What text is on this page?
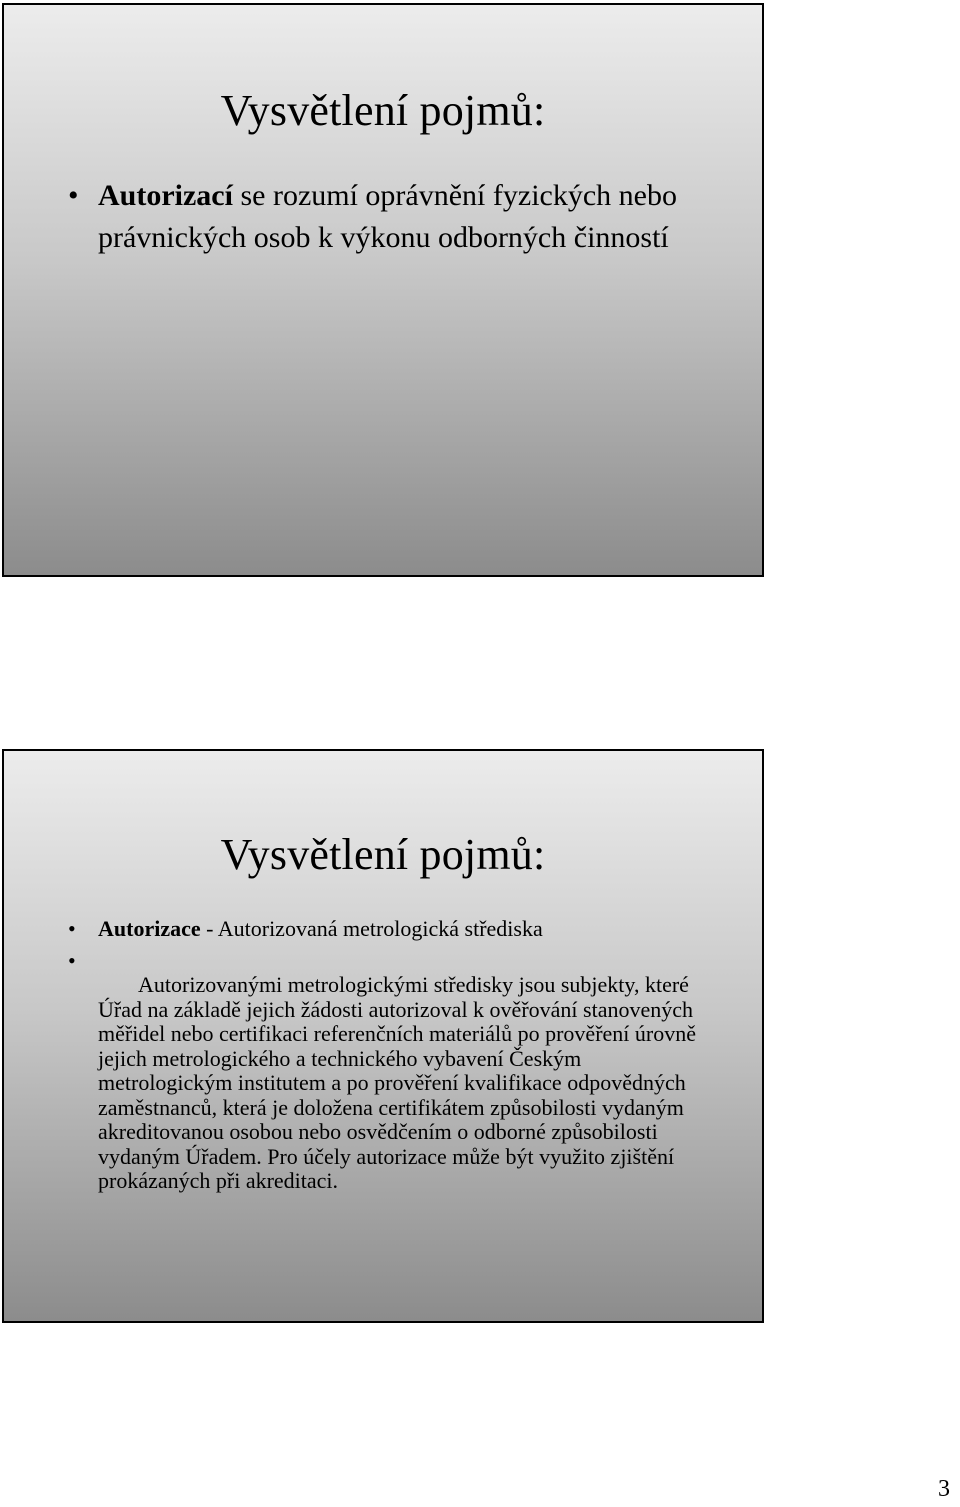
Vysvětlení pojmů:
• Autorizací se rozumí oprávnění fyzických nebo právnických osob k výkonu odborných činností

Vysvětlení pojmů:
• Autorizace - Autorizovaná metrologická střediska

•

Autorizovanými metrologickými středisky jsou subjekty, které Úřad na základě jejich žádosti autorizoval k ověřování stanovených měřidel nebo certifikaci referenčních materiálů po prověření úrovně jejich metrologického a technického vybavení Českým metrologickým institutem a po prověření kvalifikace odpovědných zaměstnanců, která je doložena certifikátem způsobilosti vydaným akreditovanou osobou nebo osvědčením o odborné způsobilosti vydaným Úřadem. Pro účely autorizace může být využito zjištění prokázaných při akreditaci.

3
